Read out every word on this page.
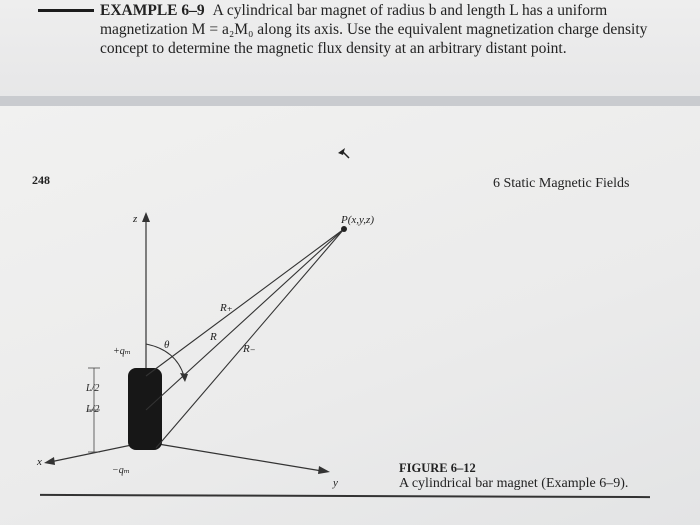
EXAMPLE 6–9 A cylindrical bar magnet of radius b and length L has a uniform magnetization M = a₂M₀ along its axis. Use the equivalent magnetization charge density concept to determine the magnetic flux density at an arbitrary distant point.

248	6 Static Magnetic Fields
P(x,y,z)
z
x
y
R₊
R
R₋
θ
+qₘ
−qₘ
L/2
L/2
FIGURE 6–12
A cylindrical bar magnet (Example 6–9).
